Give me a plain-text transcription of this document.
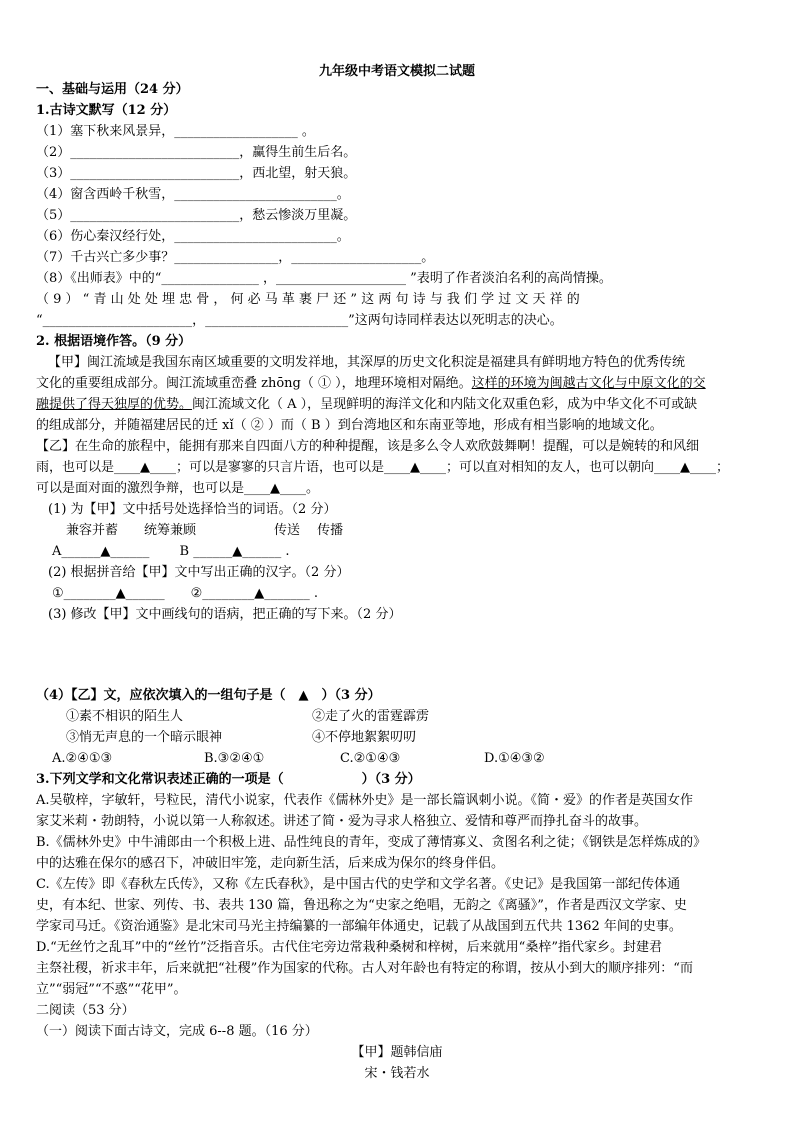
九年级中考语文模拟二试题
一、基础与运用（24 分）
1.古诗文默写（12 分）
（1）塞下秋来风景异，___________________ 。
（2）__________________________，赢得生前生后名。
（3）__________________________，西北望，射天狼。
（4）窗含西岭千秋雪，_________________________。
（5）__________________________，愁云惨淡万里凝。
（6）伤心秦汉经行处，_________________________。
（7）千古兴亡多少事？________________，____________________。
（8）《出师表》中的“_______________ ，____________________ ”表明了作者淡泊名利的高尚情操。
（ 9 ） “ 青 山 处 处 埋 忠 骨 ， 何 必 马 革 裹 尸 还 ” 这 两 句 诗 与 我 们 学 过 文 天 祥 的
“_______________________，______________________”这两句诗同样表达以死明志的决心。
2. 根据语境作答。（9 分）
【甲】闽江流域是我国东南区域重要的文明发祥地，其深厚的历史文化积淀是福建具有鲜明地方特色的优秀传统
文化的重要组成部分。闽江流域重峦叠 zhōng（ ① ），地理环境相对隔绝。这样的环境为闽越古文化与中原文化的交
融提供了得天独厚的优势。闽江流域文化（ A ），呈现鲜明的海洋文化和内陆文化双重色彩，成为中华文化不可或缺
的组成部分，并随福建居民的迁 xǐ（ ② ）而（ B ）到台湾地区和东南亚等地，形成有相当影响的地域文化。
【乙】在生命的旅程中，能拥有那来自四面八方的种种提醒，该是多么令人欢欣鼓舞啊！提醒，可以是婉转的和风细
雨，也可以是____▲____；可以是寥寥的只言片语，也可以是____▲____；可以直对相知的友人，也可以朝向____▲____；
可以是面对面的激烈争辩，也可以是____▲____。
(1) 为【甲】文中括号处选择恰当的词语。（2 分）
兼容并蓄　　统筹兼顾　　　　　　传送　 传播
A______▲______　　 B ______▲______ .
(2) 根据拼音给【甲】文中写出正确的汉字。（2 分）
①________▲______　　②________▲_______ .
(3) 修改【甲】文中画线句的语病，把正确的写下来。（2 分）
（4）【乙】文，应依次填入的一组句子是（　▲　）（3 分）
①素不相识的陌生人	②走了火的雷霆霹雳
③悄无声息的一个暗示眼神	④不停地絮絮叨叨
A.②④①③	B.③②④①	C.②①④③	D.①④③②
3.下列文学和文化常识表述正确的一项是（　　　　　　）（3 分）
A.吴敬梓，字敏轩，号粒民，清代小说家，代表作《儒林外史》是一部长篇讽刺小说。《简・爱》的作者是英国女作
家艾米莉・勃朗特，小说以第一人称叙述。讲述了简・爱为寻求人格独立、爱情和尊严而挣扎奋斗的故事。
B.《儒林外史》中牛浦郎由一个积极上进、品性纯良的青年，变成了薄情寡义、贪图名利之徒；《钢铁是怎样炼成的》
中的达雅在保尔的感召下，冲破旧牢笼，走向新生活，后来成为保尔的终身伴侣。
C.《左传》即《春秋左氏传》，又称《左氏春秋》，是中国古代的史学和文学名著。《史记》是我国第一部纪传体通
史，有本纪、世家、列传、书、表共 130 篇，鲁迅称之为“史家之绝唱，无韵之《离骚》”，作者是西汉文学家、史
学家司马迁。《资治通鉴》是北宋司马光主持编纂的一部编年体通史，记载了从战国到五代共 1362 年间的史事。
D.“无丝竹之乱耳”中的“丝竹”泛指音乐。古代住宅旁边常栽种桑树和梓树，后来就用“桑梓”指代家乡。封建君
主祭社稷，祈求丰年，后来就把“社稷”作为国家的代称。古人对年龄也有特定的称谓，按从小到大的顺序排列：“而
立”“弱冠”“不惑”“花甲”。
二阅读（53 分）
（一）阅读下面古诗文，完成 6--8 题。（16 分）
【甲】题韩信庙
宋・钱若水
